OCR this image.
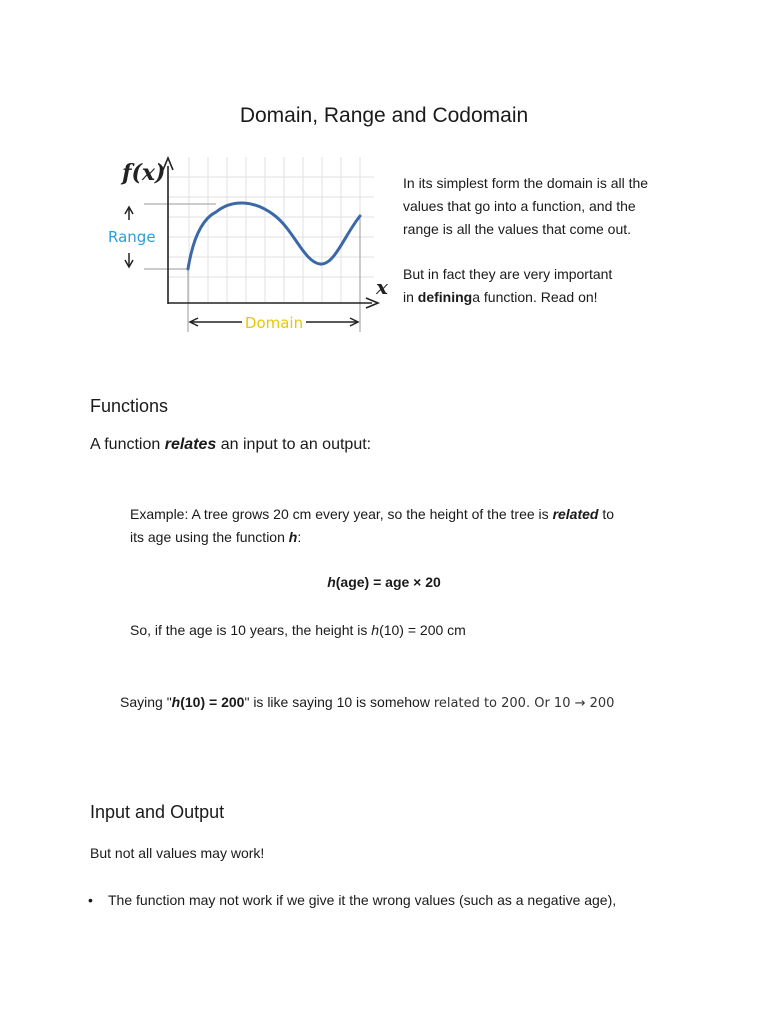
Domain, Range and Codomain
f(x)
x
Range
Domain
In its simplest form the domain is all the
values that go into a function, and the
range is all the values that come out.
But in fact they are very important
in defininga function. Read on!
Functions
A function relates an input to an output:
Example: A tree grows 20 cm every year, so the height of the tree is related to
its age using the function h:
h(age) = age × 20
So, if the age is 10 years, the height is h(10) = 200 cm
Saying "h(10) = 200" is like saying 10 is somehow related to 200. Or 10 → 200
Input and Output
But not all values may work!
• The function may not work if we give it the wrong values (such as a negative age),
